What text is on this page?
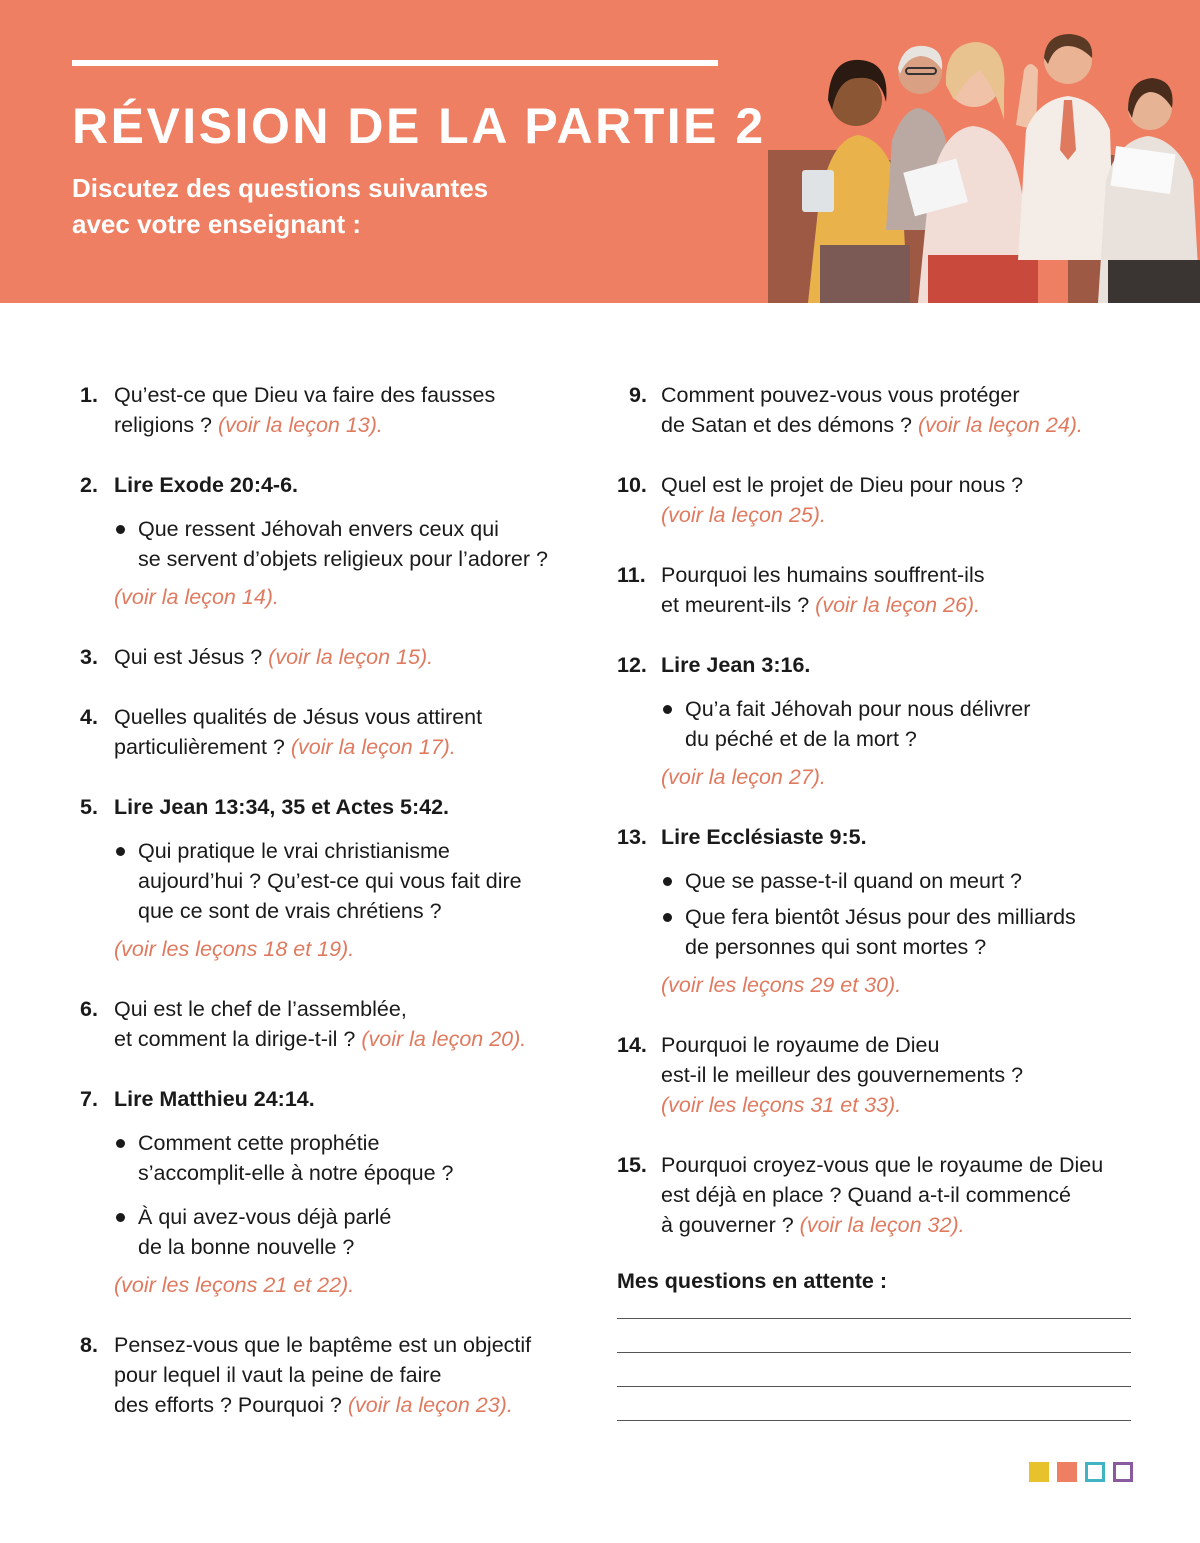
RÉVISION DE LA PARTIE 2
Discutez des questions suivantes
avec votre enseignant :
1. Qu’est-ce que Dieu va faire des fausses
religions ? (voir la leçon 13).
2. Lire Exode 20:4-6.
Que ressent Jéhovah envers ceux qui
se servent d’objets religieux pour l’adorer ?
(voir la leçon 14).
3. Qui est Jésus ? (voir la leçon 15).
4. Quelles qualités de Jésus vous attirent
particulièrement ? (voir la leçon 17).
5. Lire Jean 13:34, 35 et Actes 5:42.
Qui pratique le vrai christianisme
aujourd’hui ? Qu’est-ce qui vous fait dire
que ce sont de vrais chrétiens ?
(voir les leçons 18 et 19).
6. Qui est le chef de l’assemblée,
et comment la dirige-t-il ? (voir la leçon 20).
7. Lire Matthieu 24:14.
Comment cette prophétie
s’accomplit-elle à notre époque ?
À qui avez-vous déjà parlé
de la bonne nouvelle ?
(voir les leçons 21 et 22).
8. Pensez-vous que le baptême est un objectif
pour lequel il vaut la peine de faire
des efforts ? Pourquoi ? (voir la leçon 23).
9. Comment pouvez-vous vous protéger
de Satan et des démons ? (voir la leçon 24).
10. Quel est le projet de Dieu pour nous ?
(voir la leçon 25).
11. Pourquoi les humains souffrent-ils
et meurent-ils ? (voir la leçon 26).
12. Lire Jean 3:16.
Qu’a fait Jéhovah pour nous délivrer
du péché et de la mort ?
(voir la leçon 27).
13. Lire Ecclésiaste 9:5.
Que se passe-t-il quand on meurt ?
Que fera bientôt Jésus pour des milliards
de personnes qui sont mortes ?
(voir les leçons 29 et 30).
14. Pourquoi le royaume de Dieu
est-il le meilleur des gouvernements ?
(voir les leçons 31 et 33).
15. Pourquoi croyez-vous que le royaume de Dieu
est déjà en place ? Quand a-t-il commencé
à gouverner ? (voir la leçon 32).
Mes questions en attente :
